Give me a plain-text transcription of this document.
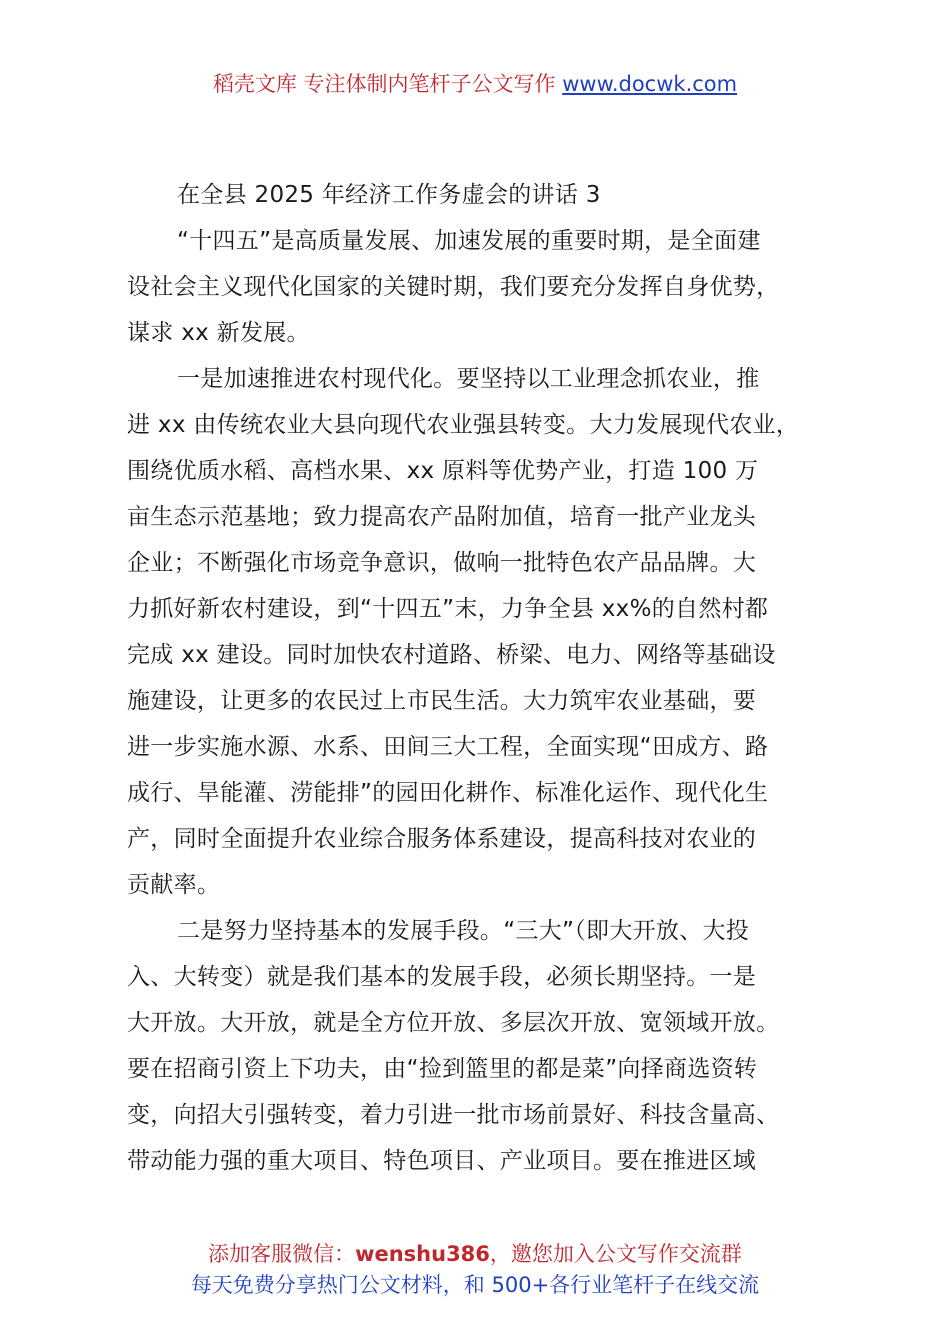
稻壳文库 专注体制内笔杆子公文写作 www.docwk.com
在全县 2025 年经济工作务虚会的讲话 3
“十四五”是高质量发展、加速发展的重要时期，是全面建
设社会主义现代化国家的关键时期，我们要充分发挥自身优势，
谋求 xx 新发展。
一是加速推进农村现代化。要坚持以工业理念抓农业，推
进 xx 由传统农业大县向现代农业强县转变。大力发展现代农业，
围绕优质水稻、高档水果、xx 原料等优势产业，打造 100 万
亩生态示范基地；致力提高农产品附加值，培育一批产业龙头
企业；不断强化市场竞争意识，做响一批特色农产品品牌。大
力抓好新农村建设，到“十四五”末，力争全县 xx%的自然村都
完成 xx 建设。同时加快农村道路、桥梁、电力、网络等基础设
施建设，让更多的农民过上市民生活。大力筑牢农业基础，要
进一步实施水源、水系、田间三大工程，全面实现“田成方、路
成行、旱能灌、涝能排”的园田化耕作、标准化运作、现代化生
产，同时全面提升农业综合服务体系建设，提高科技对农业的
贡献率。
二是努力坚持基本的发展手段。“三大”（即大开放、大投
入、大转变）就是我们基本的发展手段，必须长期坚持。一是
大开放。大开放，就是全方位开放、多层次开放、宽领域开放。
要在招商引资上下功夫，由“捡到篮里的都是菜”向择商选资转
变，向招大引强转变，着力引进一批市场前景好、科技含量高、
带动能力强的重大项目、特色项目、产业项目。要在推进区域
添加客服微信：wenshu386，邀您加入公文写作交流群
每天免费分享热门公文材料，和 500+各行业笔杆子在线交流
